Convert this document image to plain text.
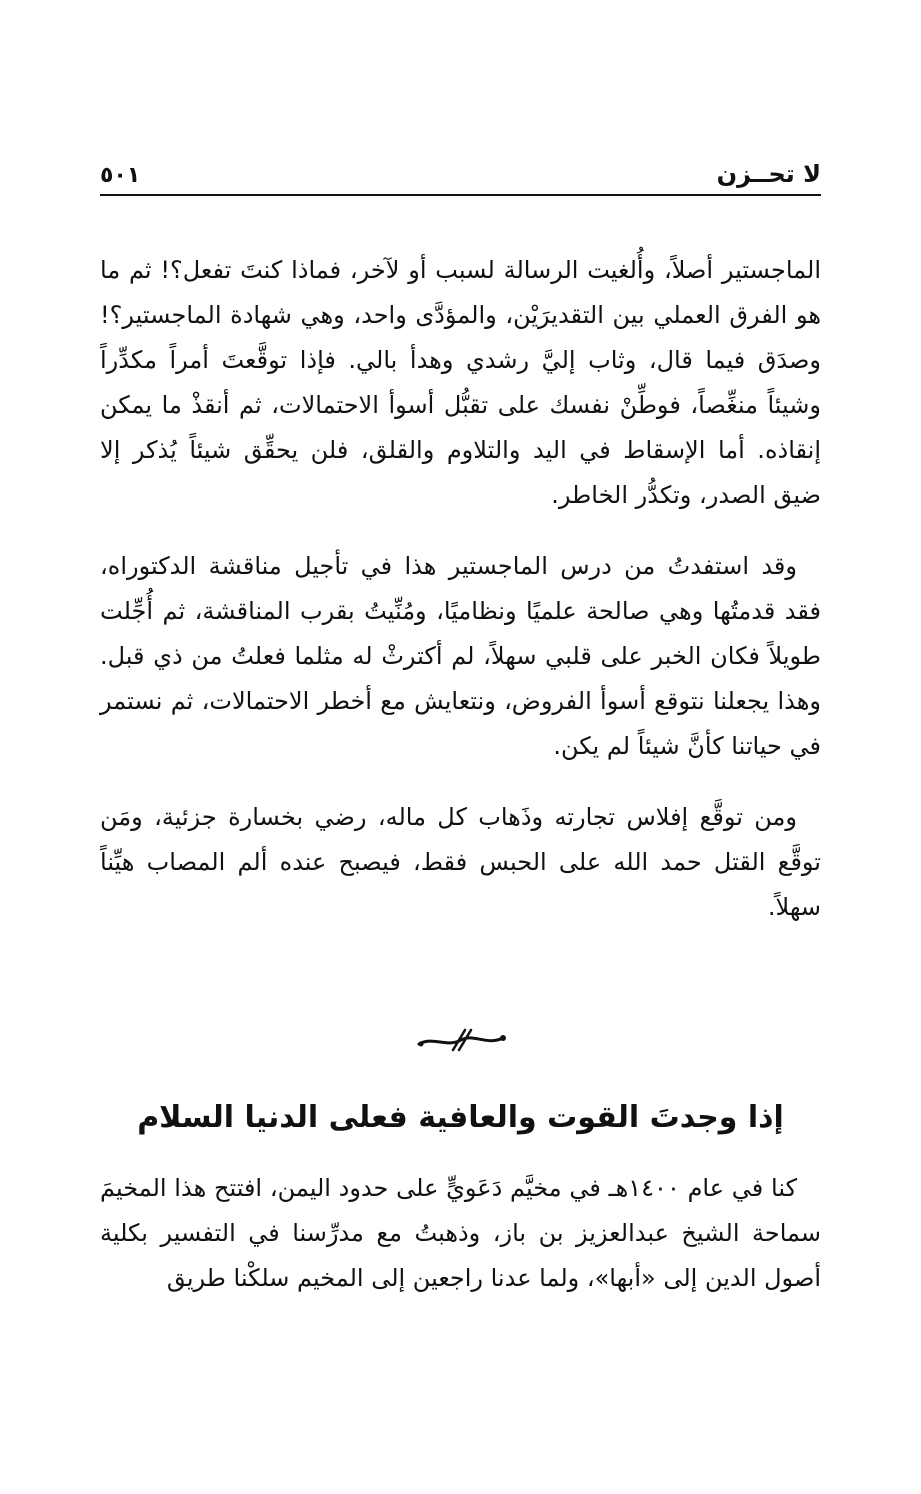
لا تحــزن
٥٠١

الماجستير أصلاً، وأُلغيت الرسالة لسبب أو لآخر، فماذا كنتَ تفعل؟! ثم ما هو الفرق العملي بين التقديرَيْن، والمؤدَّى واحد، وهي شهادة الماجستير؟! وصدَق فيما قال، وثاب إليَّ رشدي وهدأ بالي. فإذا توقَّعتَ أمراً مكدِّراً وشيئاً منغِّصاً، فوطِّنْ نفسك على تقبُّل أسوأ الاحتمالات، ثم أنقذْ ما يمكن إنقاذه. أما الإسقاط في اليد والتلاوم والقلق، فلن يحقِّق شيئاً يُذكر إلا ضيق الصدر، وتكدُّر الخاطر.

وقد استفدتُ من درس الماجستير هذا في تأجيل مناقشة الدكتوراه، فقد قدمتُها وهي صالحة علميًا ونظاميًا، ومُنِّيتُ بقرب المناقشة، ثم أُجِّلت طويلاً فكان الخبر على قلبي سهلاً، لم أكترثْ له مثلما فعلتُ من ذي قبل. وهذا يجعلنا نتوقع أسوأ الفروض، ونتعايش مع أخطر الاحتمالات، ثم نستمر في حياتنا كأنَّ شيئاً لم يكن.

ومن توقَّع إفلاس تجارته وذَهاب كل ماله، رضي بخسارة جزئية، ومَن توقَّع القتل حمد الله على الحبس فقط، فيصبح عنده ألم المصاب هيِّناً سهلاً.

إذا وجدتَ القوت والعافية فعلى الدنيا السلام

كنا في عام ١٤٠٠هـ في مخيَّم دَعَويٍّ على حدود اليمن، افتتح هذا المخيمَ سماحة الشيخ عبدالعزيز بن باز، وذهبتُ مع مدرِّسنا في التفسير بكلية أصول الدين إلى «أبها»، ولما عدنا راجعين إلى المخيم سلكْنا طريق
